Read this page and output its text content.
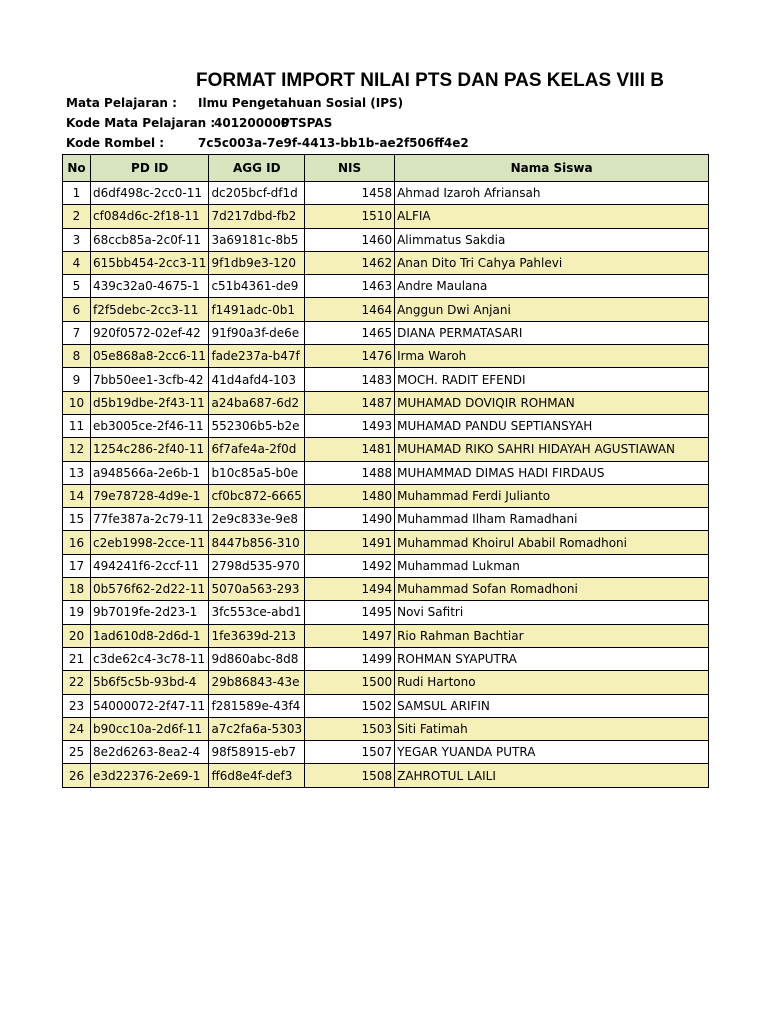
FORMAT IMPORT NILAI PTS DAN PAS KELAS VIII B
Mata Pelajaran : Ilmu Pengetahuan Sosial (IPS)
Kode Mata Pelajaran :
401200000
PTSPAS
Kode Rombel :	7c5c003a-7e9f-4413-bb1b-ae2f506ff4e2
No	PD ID	AGG ID	NIS	Nama Siswa
1	d6df498c-2cc0-11	dc205bcf-df1d	1458	Ahmad Izaroh Afriansah
2	cf084d6c-2f18-11	7d217dbd-fb2	1510	ALFIA
3	68ccb85a-2c0f-11	3a69181c-8b5	1460	Alimmatus Sakdia
4	615bb454-2cc3-11	9f1db9e3-120	1462	Anan Dito Tri Cahya Pahlevi
5	439c32a0-4675-1	c51b4361-de9	1463	Andre Maulana
6	f2f5debc-2cc3-11	f1491adc-0b1	1464	Anggun Dwi Anjani
7	920f0572-02ef-42	91f90a3f-de6e	1465	DIANA PERMATASARI
8	05e868a8-2cc6-11	fade237a-b47f	1476	Irma Waroh
9	7bb50ee1-3cfb-42	41d4afd4-103	1483	MOCH. RADIT EFENDI
10	d5b19dbe-2f43-11	a24ba687-6d2	1487	MUHAMAD DOVIQIR ROHMAN
11	eb3005ce-2f46-11	552306b5-b2e	1493	MUHAMAD PANDU SEPTIANSYAH
12	1254c286-2f40-11	6f7afe4a-2f0d	1481	MUHAMAD RIKO SAHRI HIDAYAH AGUSTIAWAN
13	a948566a-2e6b-1	b10c85a5-b0e	1488	MUHAMMAD DIMAS HADI FIRDAUS
14	79e78728-4d9e-1	cf0bc872-6665	1480	Muhammad Ferdi Julianto
15	77fe387a-2c79-11	2e9c833e-9e8	1490	Muhammad Ilham Ramadhani
16	c2eb1998-2cce-11	8447b856-310	1491	Muhammad Khoirul Ababil Romadhoni
17	494241f6-2ccf-11	2798d535-970	1492	Muhammad Lukman
18	0b576f62-2d22-11	5070a563-293	1494	Muhammad Sofan Romadhoni
19	9b7019fe-2d23-1	3fc553ce-abd1	1495	Novi Safitri
20	1ad610d8-2d6d-1	1fe3639d-213	1497	Rio Rahman Bachtiar
21	c3de62c4-3c78-11	9d860abc-8d8	1499	ROHMAN SYAPUTRA
22	5b6f5c5b-93bd-4	29b86843-43e	1500	Rudi Hartono
23	54000072-2f47-11	f281589e-43f4	1502	SAMSUL ARIFIN
24	b90cc10a-2d6f-11	a7c2fa6a-5303	1503	Siti Fatimah
25	8e2d6263-8ea2-4	98f58915-eb7	1507	YEGAR YUANDA PUTRA
26	e3d22376-2e69-1	ff6d8e4f-def3	1508	ZAHROTUL LAILI
